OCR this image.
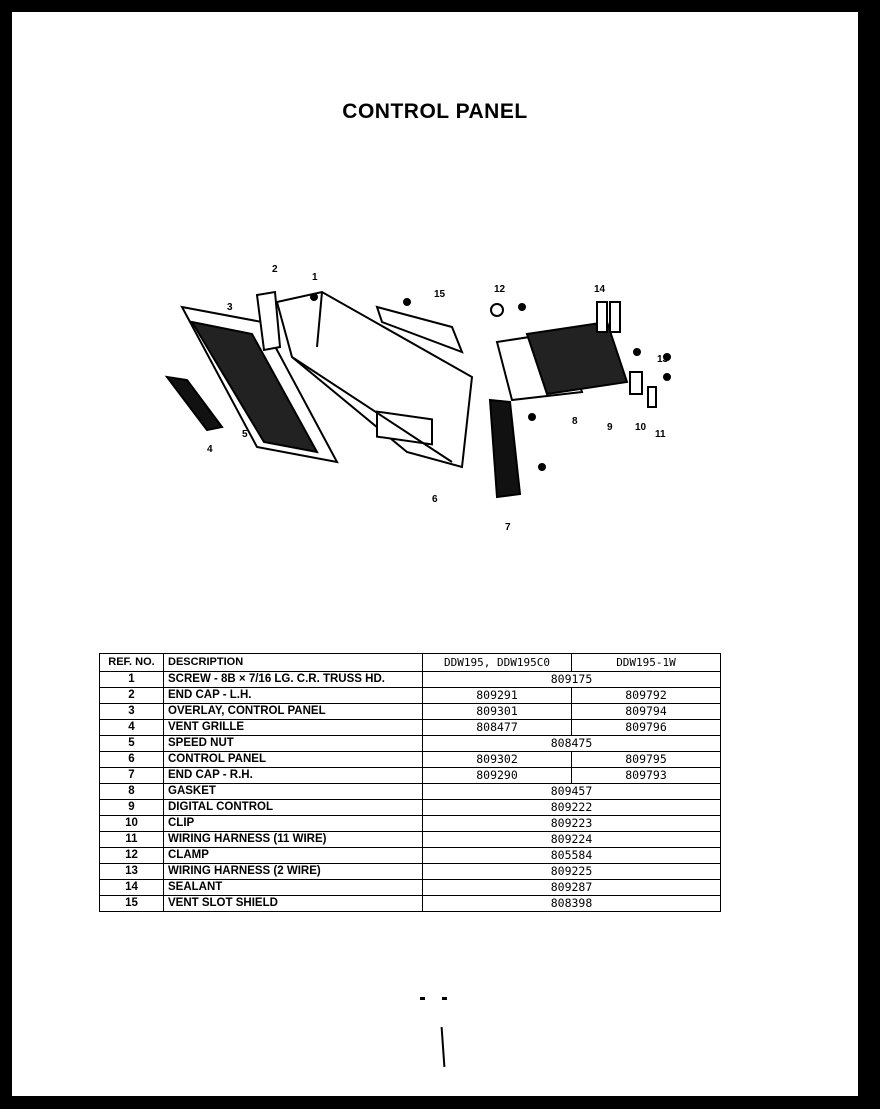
CONTROL PANEL
1
2
3
4
5
6
7
8
9 10
11
12
13
14
15
REF. NO.	DESCRIPTION	DDW195, DDW195C0	DDW195-1W
1	SCREW - 8B × 7/16 LG. C.R. TRUSS HD.	809175	
2	END CAP - L.H.	809291	809792
3	OVERLAY, CONTROL PANEL	809301	809794
4	VENT GRILLE	808477	809796
5	SPEED NUT	808475	
6	CONTROL PANEL	809302	809795
7	END CAP - R.H.	809290	809793
8	GASKET	809457	
9	DIGITAL CONTROL	809222	
10	CLIP	809223	
11	WIRING HARNESS (11 WIRE)	809224	
12	CLAMP	805584	
13	WIRING HARNESS (2 WIRE)	809225	
14	SEALANT	809287	
15	VENT SLOT SHIELD	808398	
